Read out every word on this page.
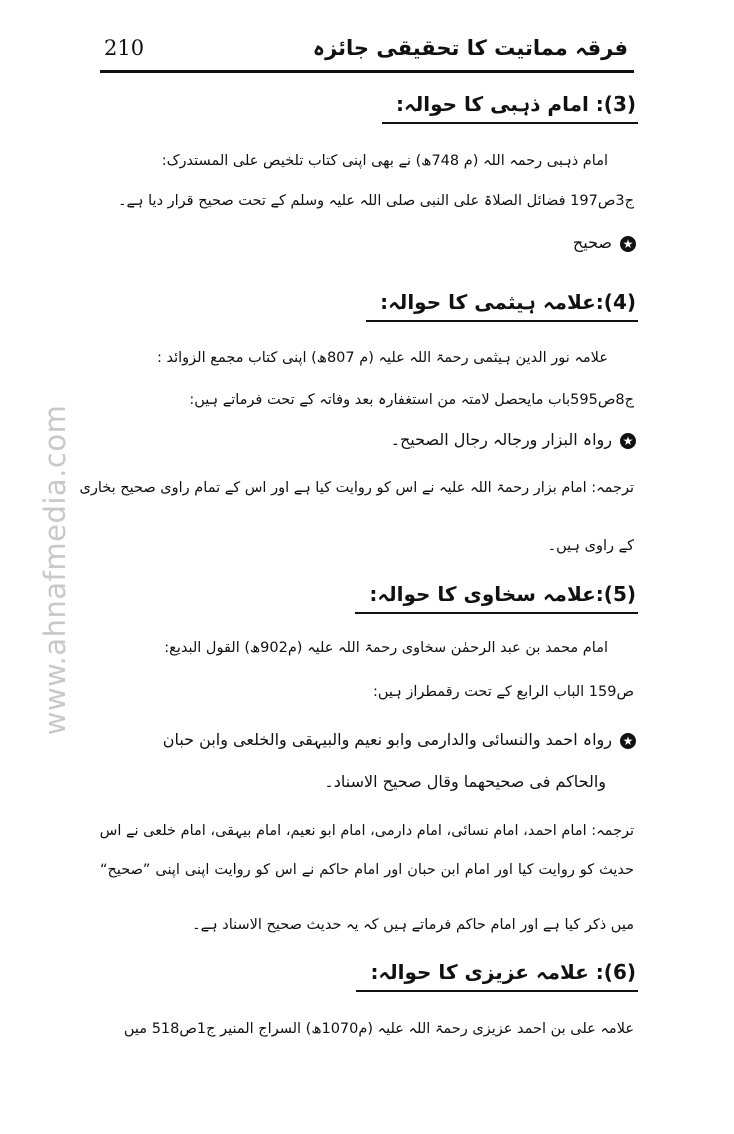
فرقہ مماتیت کا تحقیقی جائزہ
210
www.ahnafmedia.com
(3): امام ذہبی کا حوالہ:
امام ذہبی رحمہ اللہ (م 748ھ) نے بھی اپنی کتاب تلخیص علی المستدرک:
ج3ص197 فضائل الصلاۃ علی النبی صلی اللہ علیہ وسلم کے تحت صحیح قرار دیا ہے۔
★صحیح
(4):علامہ ہیثمی کا حوالہ:
علامہ نور الدین ہیثمی رحمۃ اللہ علیہ (م 807ھ) اپنی کتاب مجمع الزوائد :
ج8ص595باب مایحصل لامتہ من استغفارہ بعد وفاتہ کے تحت فرماتے ہیں:
★رواہ البزار ورجالہ رجال الصحیح۔
ترجمہ: امام بزار رحمۃ اللہ علیہ نے اس کو روایت کیا ہے اور اس کے تمام راوی صحیح بخاری
کے راوی ہیں۔
(5):علامہ سخاوی کا حوالہ:
امام محمد بن عبد الرحمٰن سخاوی رحمۃ اللہ علیہ (م902ھ) القول البدیع:
ص159 الباب الرابع کے تحت رقمطراز ہیں:
★رواہ احمد والنسائی والدارمی وابو نعیم والبیہقی والخلعی وابن حبان
والحاکم فی صحیحھما وقال صحیح الاسناد۔
ترجمہ: امام احمد، امام نسائی، امام دارمی، امام ابو نعیم، امام بیہقی، امام خلعی نے اس
حدیث کو روایت کیا اور امام ابن حبان اور امام حاکم نے اس کو روایت اپنی اپنی ”صحیح“
میں ذکر کیا ہے اور امام حاکم فرماتے ہیں کہ یہ حدیث صحیح الاسناد ہے۔
(6): علامہ عزیزی کا حوالہ:
علامہ علی بن احمد عزیزی رحمۃ اللہ علیہ (م1070ھ) السراج المنیر ج1ص518 میں
